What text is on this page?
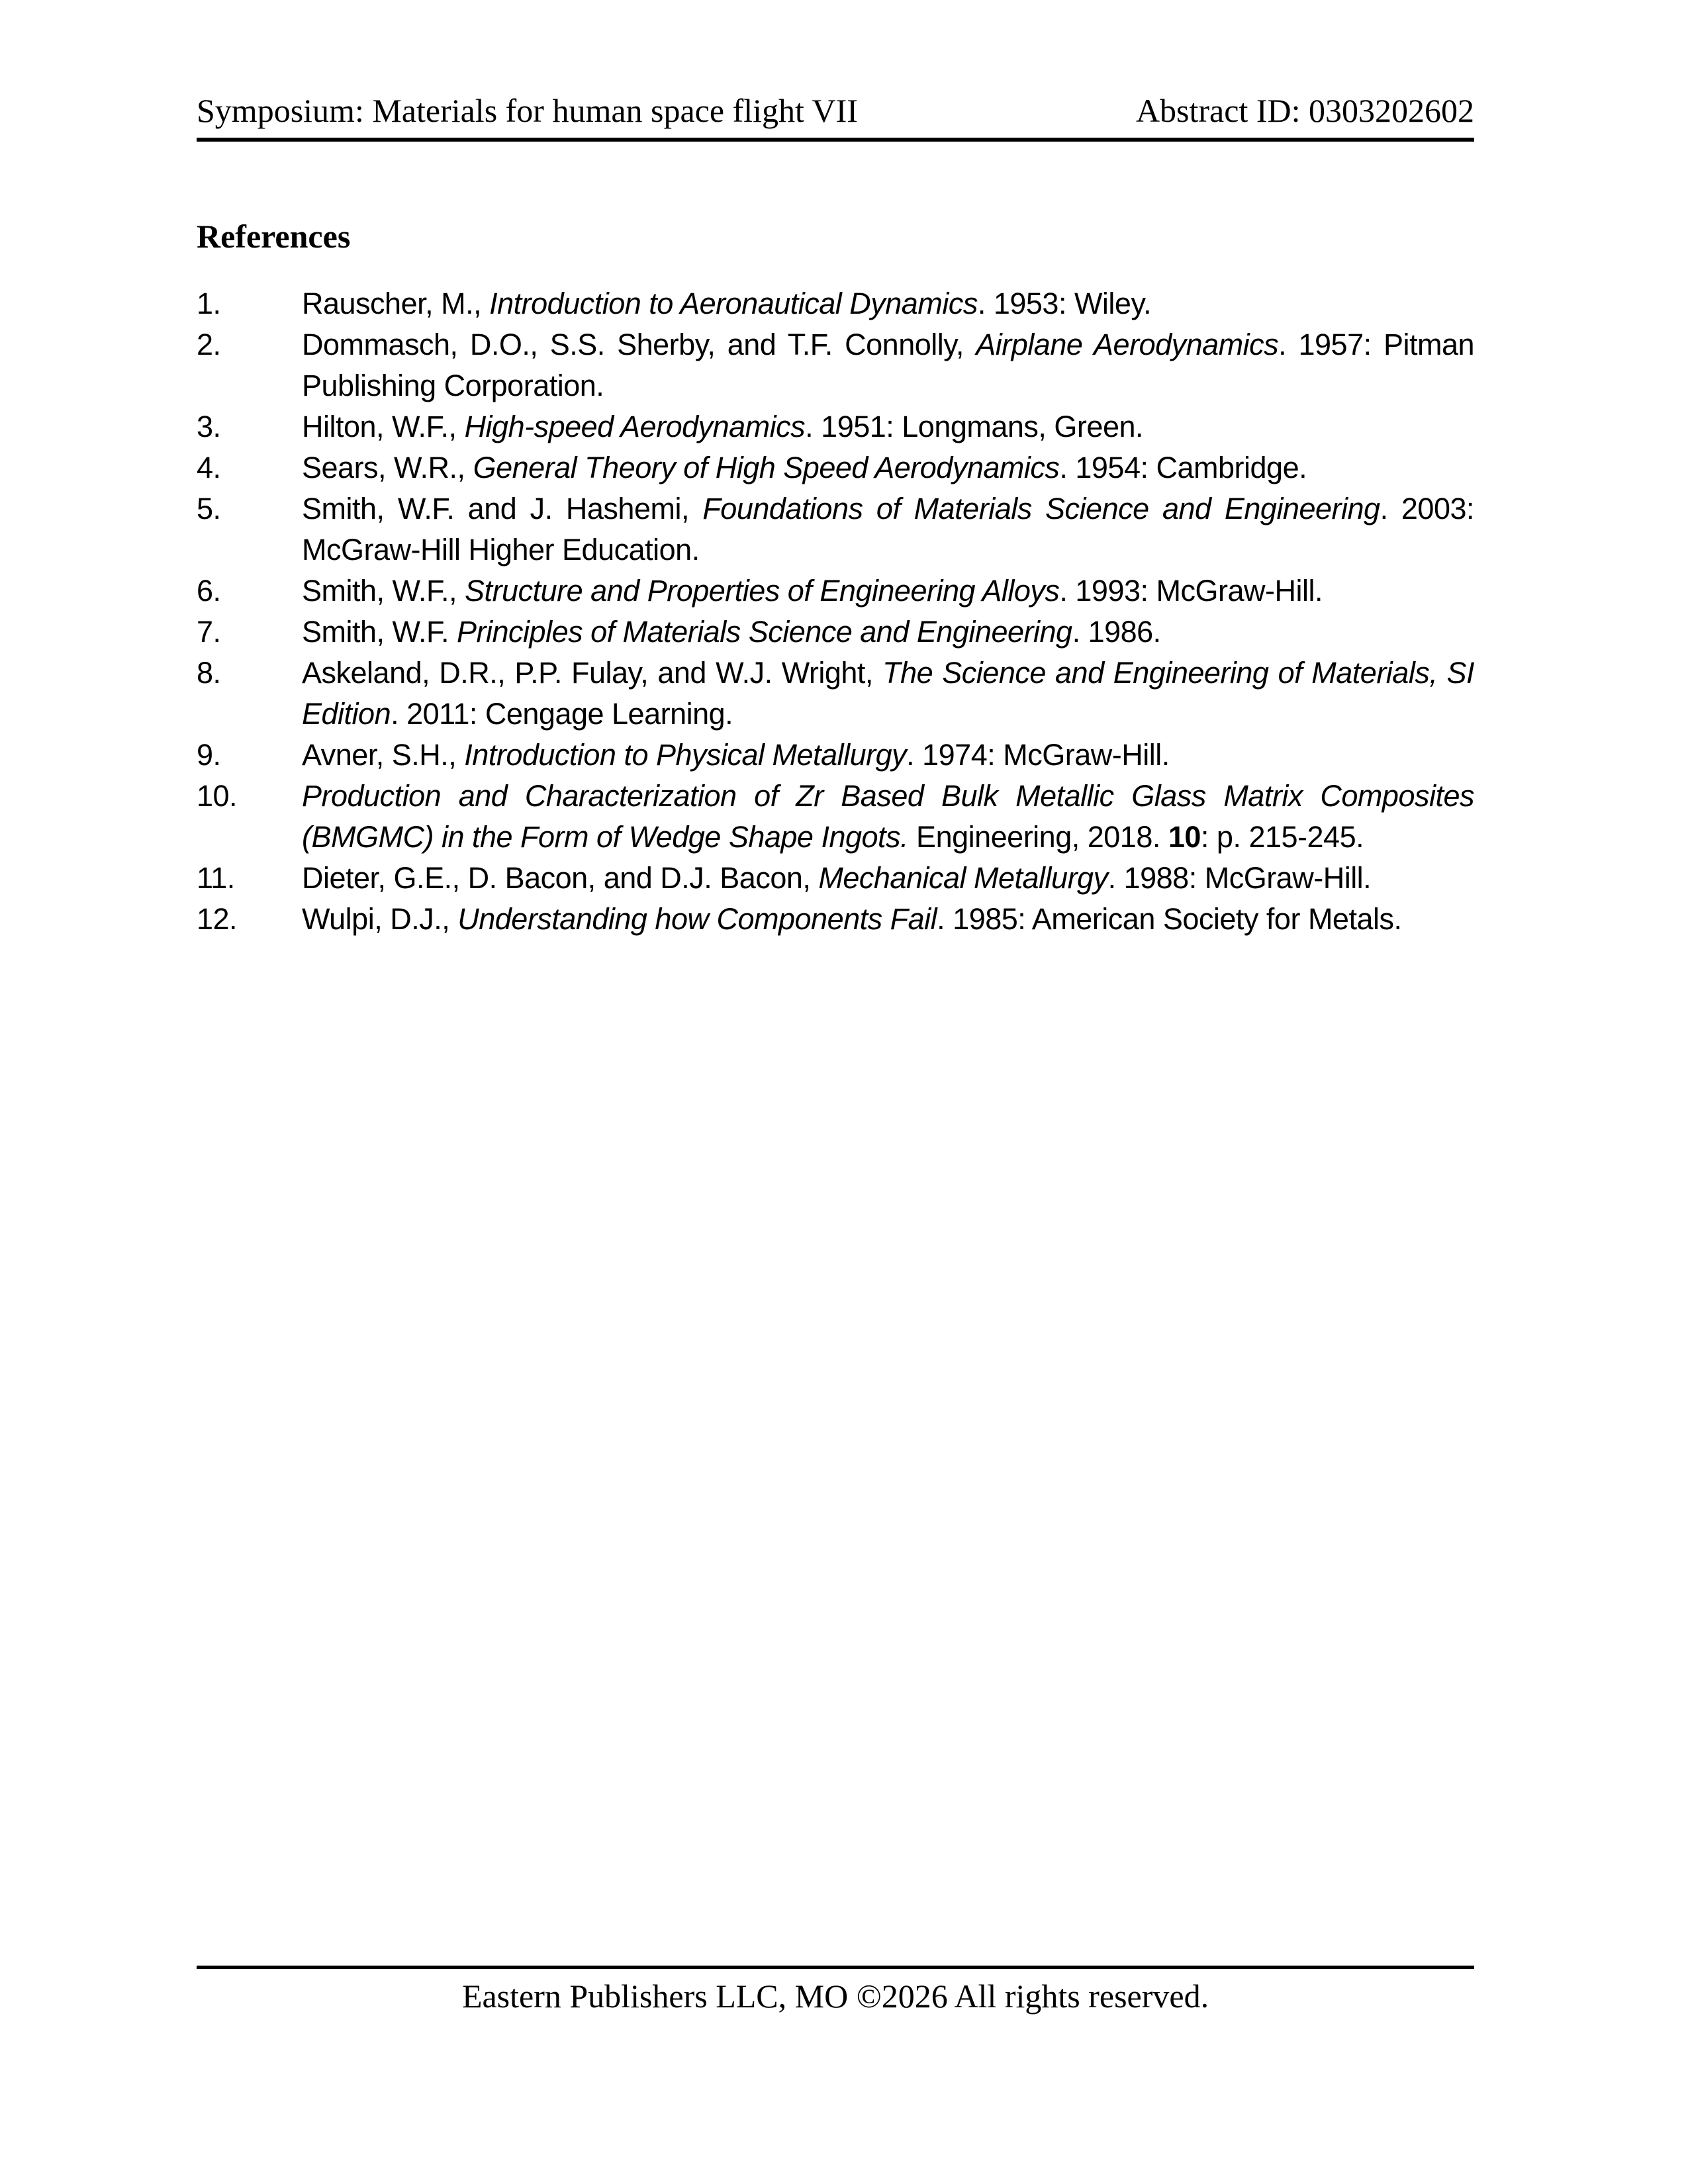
Symposium: Materials for human space flight VII	Abstract ID: 0303202602
References
1.	Rauscher, M., Introduction to Aeronautical Dynamics. 1953: Wiley.
2.	Dommasch, D.O., S.S. Sherby, and T.F. Connolly, Airplane Aerodynamics. 1957: Pitman Publishing Corporation.
3.	Hilton, W.F., High-speed Aerodynamics. 1951: Longmans, Green.
4.	Sears, W.R., General Theory of High Speed Aerodynamics. 1954: Cambridge.
5.	Smith, W.F. and J. Hashemi, Foundations of Materials Science and Engineering. 2003: McGraw-Hill Higher Education.
6.	Smith, W.F., Structure and Properties of Engineering Alloys. 1993: McGraw-Hill.
7.	Smith, W.F. Principles of Materials Science and Engineering. 1986.
8.	Askeland, D.R., P.P. Fulay, and W.J. Wright, The Science and Engineering of Materials, SI Edition. 2011: Cengage Learning.
9.	Avner, S.H., Introduction to Physical Metallurgy. 1974: McGraw-Hill.
10.	Production and Characterization of Zr Based Bulk Metallic Glass Matrix Composites (BMGMC) in the Form of Wedge Shape Ingots. Engineering, 2018. 10: p. 215-245.
11.	Dieter, G.E., D. Bacon, and D.J. Bacon, Mechanical Metallurgy. 1988: McGraw-Hill.
12.	Wulpi, D.J., Understanding how Components Fail. 1985: American Society for Metals.
Eastern Publishers LLC, MO ©2026 All rights reserved.
